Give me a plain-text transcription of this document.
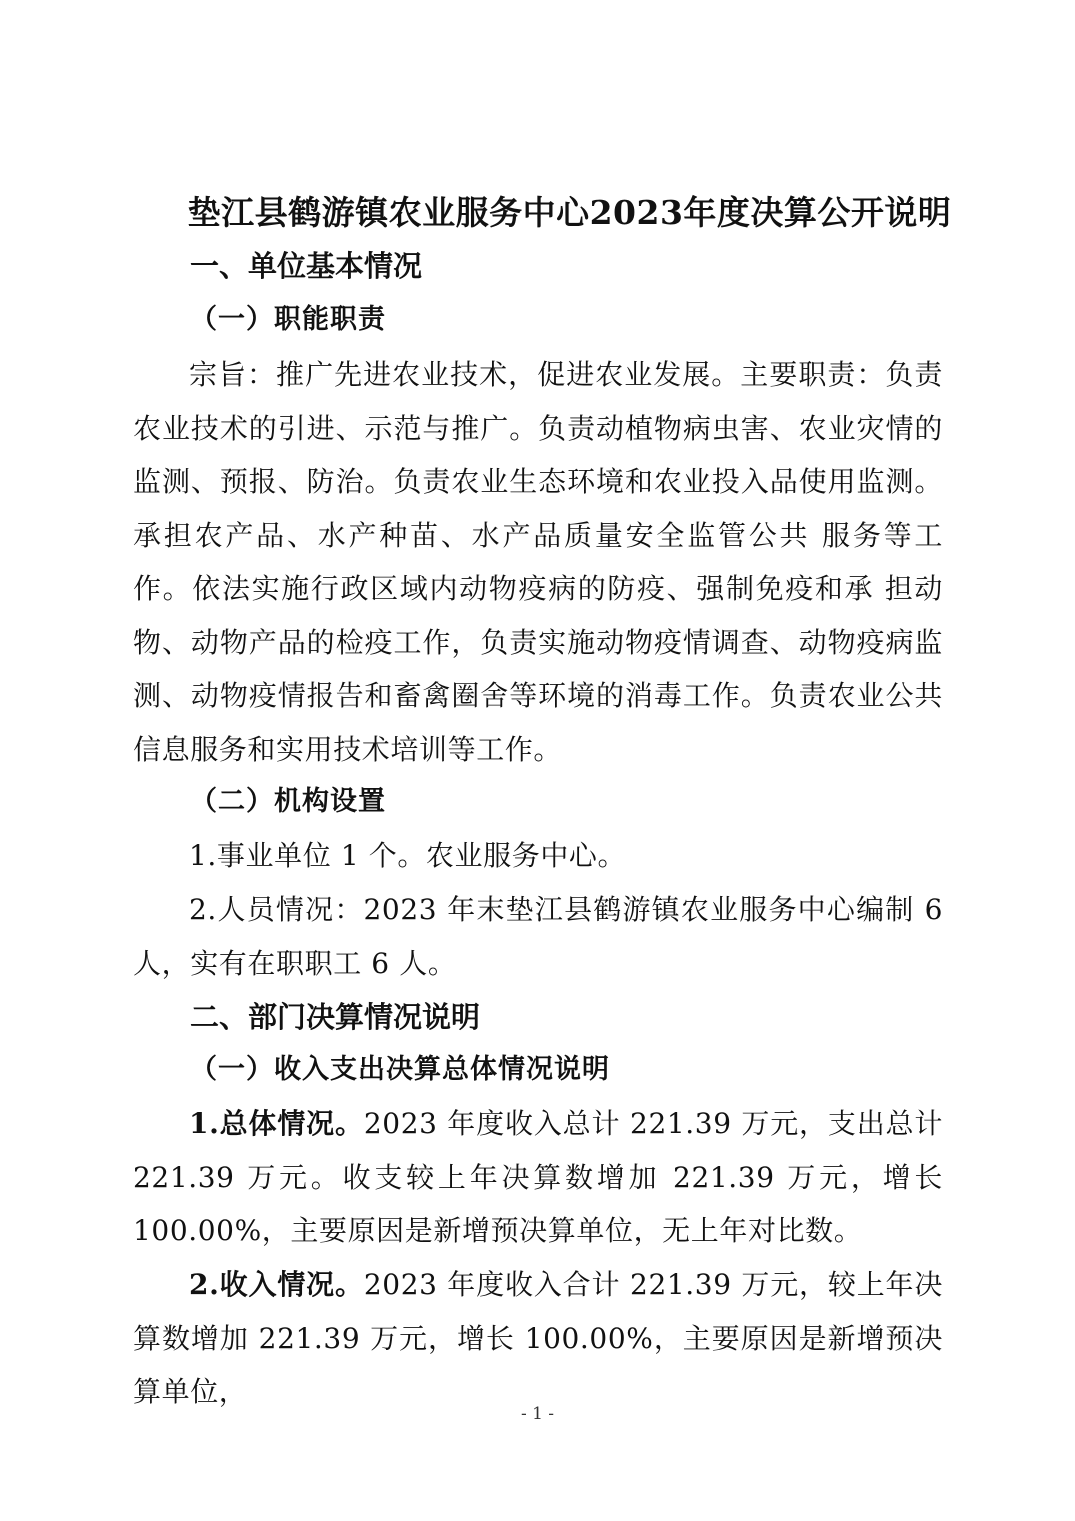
垫江县鹤游镇农业服务中心2023年度决算公开说明
一、单位基本情况
（一）职能职责

宗旨：推广先进农业技术，促进农业发展。主要职责：负责农业技术的引进、示范与推广。负责动植物病虫害、农业灾情的监测、预报、防治。负责农业生态环境和农业投入品使用监测。承担农产品、水产种苗、水产品质量安全监管公共 服务等工作。依法实施行政区域内动物疫病的防疫、强制免疫和承 担动物、动物产品的检疫工作，负责实施动物疫情调查、动物疫病监测、动物疫情报告和畜禽圈舍等环境的消毒工作。负责农业公共信息服务和实用技术培训等工作。

（二）机构设置

1.事业单位 1 个。农业服务中心。

2.人员情况：2023 年末垫江县鹤游镇农业服务中心编制 6 人，实有在职职工 6 人。

二、部门决算情况说明
（一）收入支出决算总体情况说明

1.总体情况。2023 年度收入总计 221.39 万元，支出总计 221.39 万元。收支较上年决算数增加 221.39 万元，增长 100.00%，主要原因是新增预决算单位，无上年对比数。

2.收入情况。2023 年度收入合计 221.39 万元，较上年决算数增加 221.39 万元，增长 100.00%，主要原因是新增预决算单位，

- 1 -
